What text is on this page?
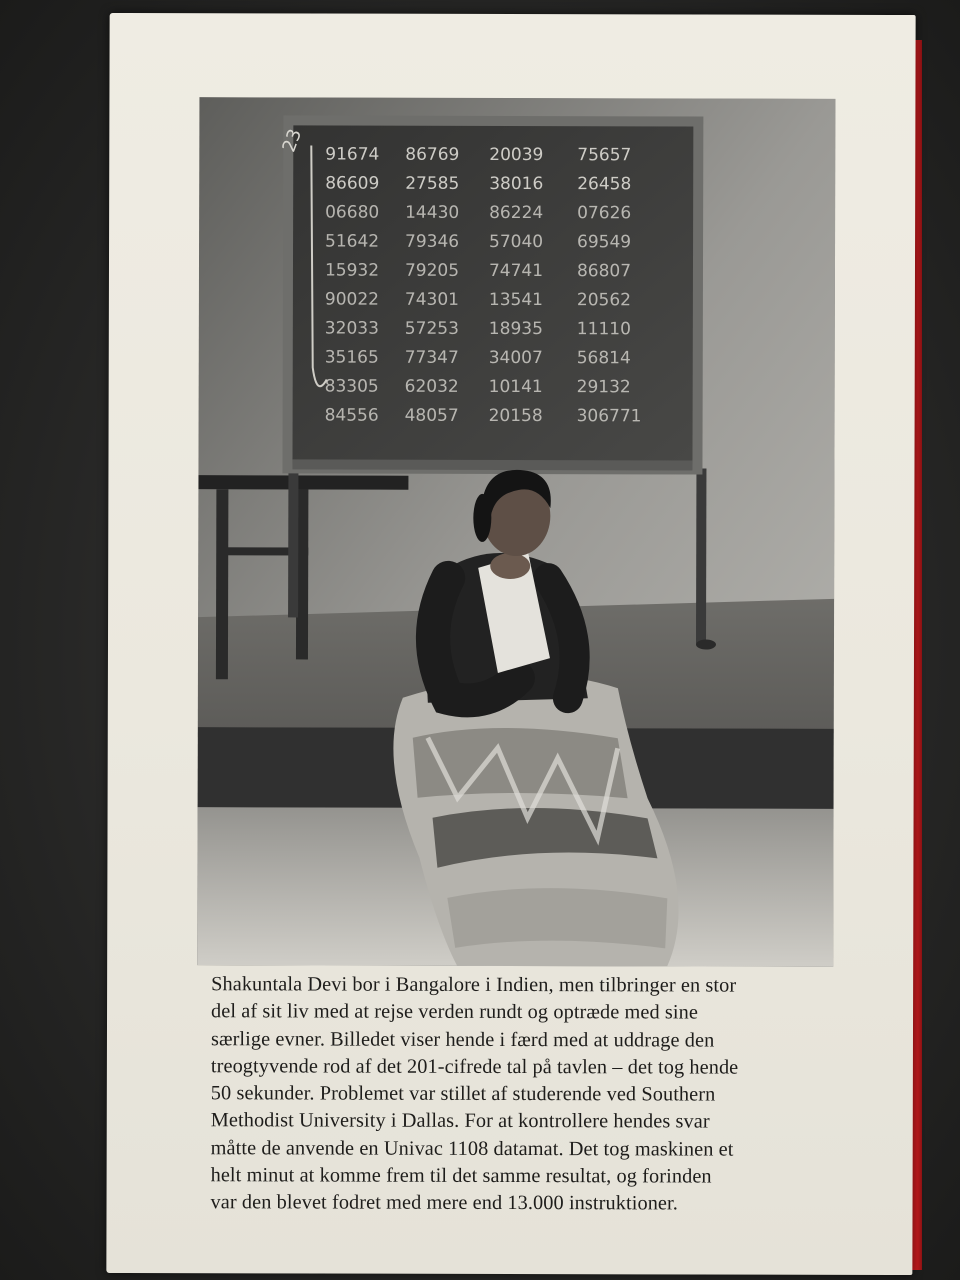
23 91674 86769 20039 75657
86609 27585 38016 26458
06680 14430 86224 07626
51642 79346 57040 69549
15932 79205 74741 86807
90022 74301 13541 20562
32033 57253 18935 11110
35165 77347 34007 56814
83305 62032 10141 29132
84556 48057 20158 306771
Shakuntala Devi bor i Bangalore i Indien, men tilbringer en stor
del af sit liv med at rejse verden rundt og optræde med sine
særlige evner. Billedet viser hende i færd med at uddrage den
treogtyvende rod af det 201-cifrede tal på tavlen – det tog hende
50 sekunder. Problemet var stillet af studerende ved Southern
Methodist University i Dallas. For at kontrollere hendes svar
måtte de anvende en Univac 1108 datamat. Det tog maskinen et
helt minut at komme frem til det samme resultat, og forinden
var den blevet fodret med mere end 13.000 instruktioner.
